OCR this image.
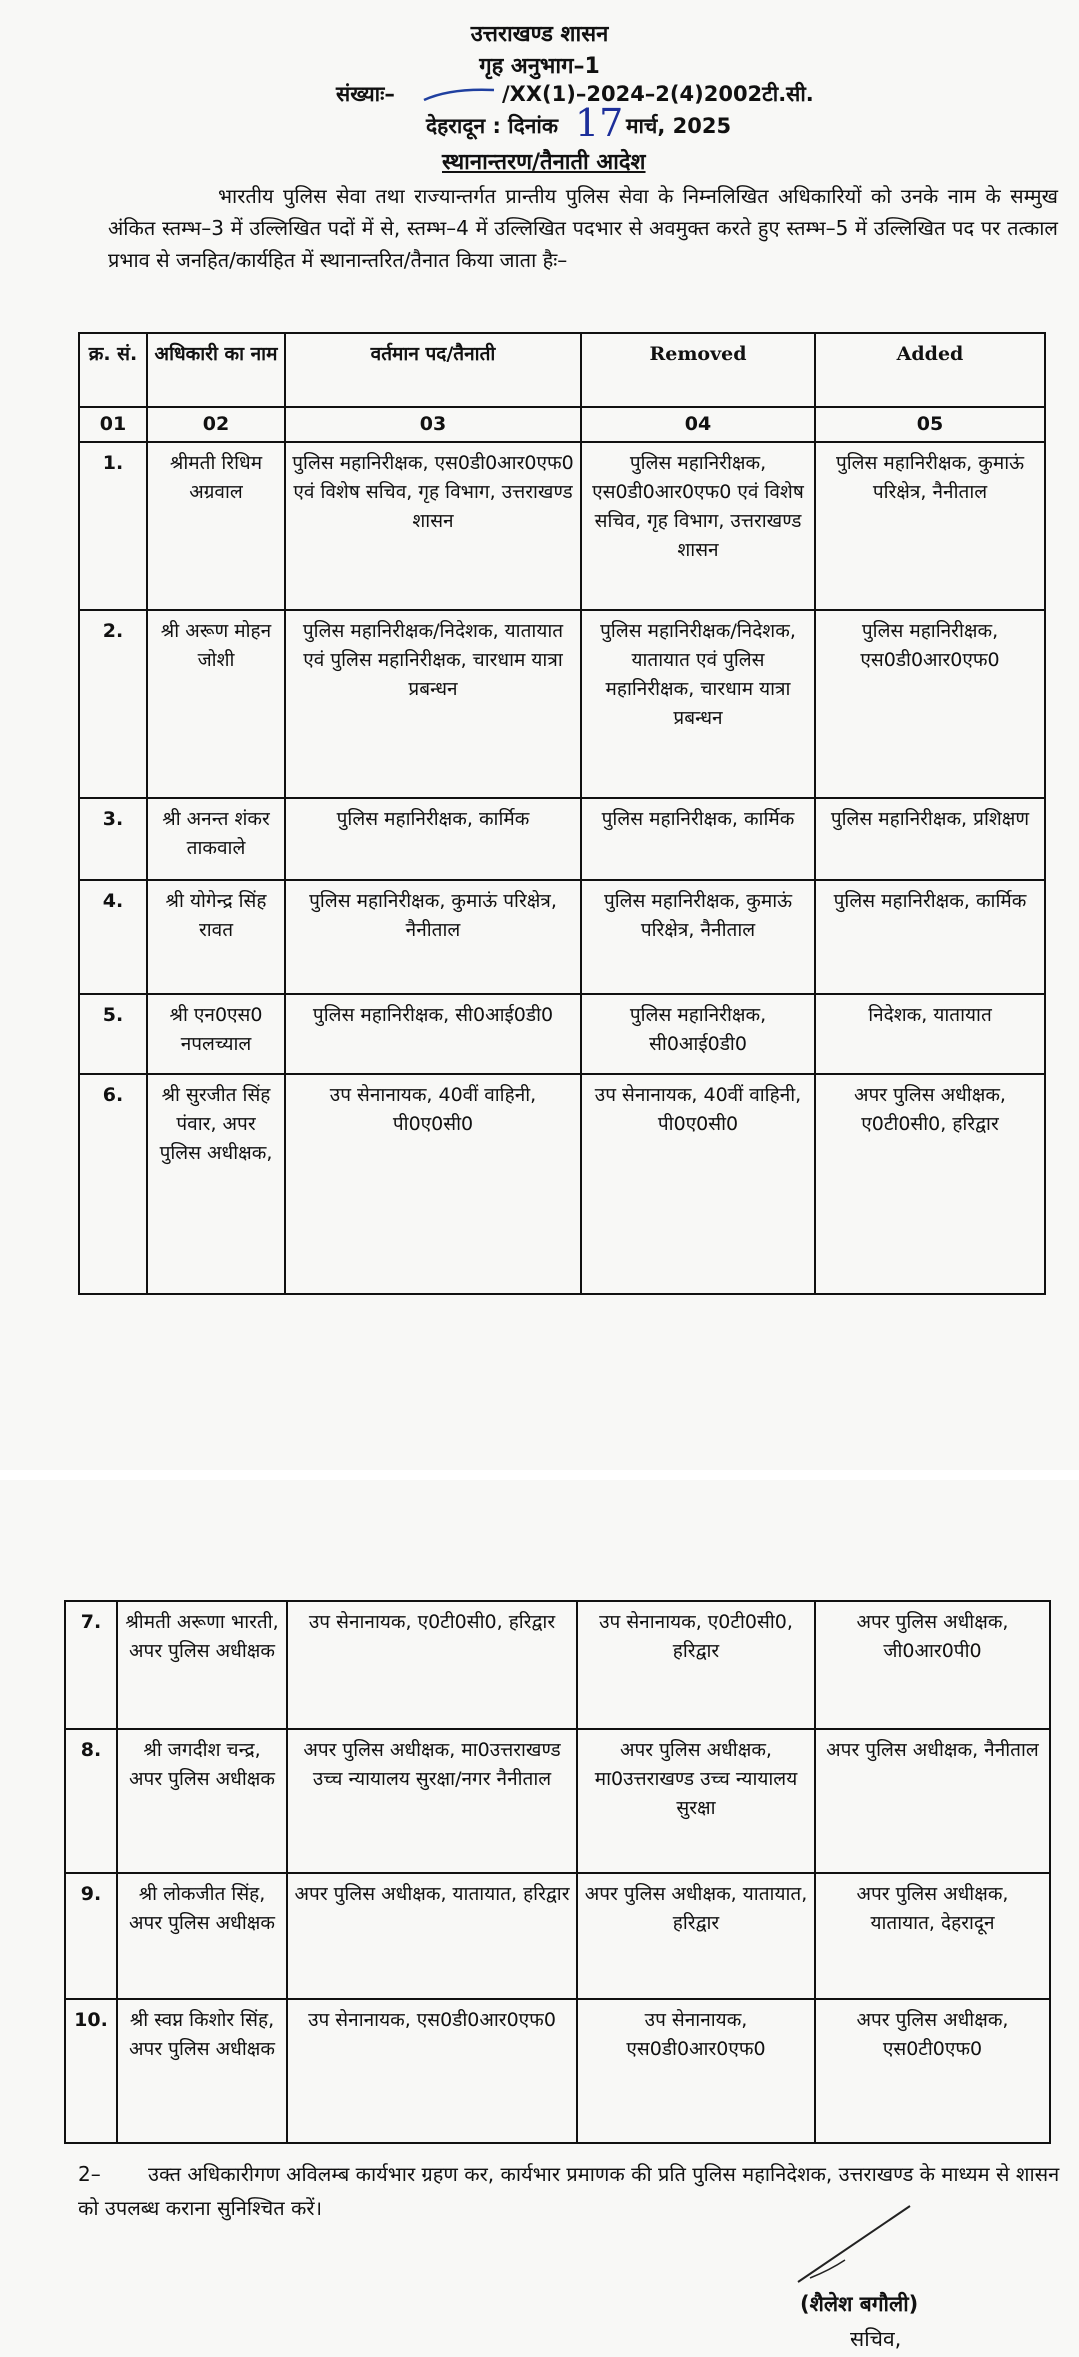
उत्तराखण्ड शासन
गृह अनुभाग–1
संख्याः–	/XX(1)–2024–2(4)2002टी.सी.
देहरादून : दिनांक 17 मार्च, 2025
स्थानान्तरण/तैनाती आदेश
भारतीय पुलिस सेवा तथा राज्यान्तर्गत प्रान्तीय पुलिस सेवा के निम्नलिखित अधिकारियों को उनके नाम के सम्मुख अंकित स्तम्भ–3 में उल्लिखित पदों में से, स्तम्भ–4 में उल्लिखित पदभार से अवमुक्त करते हुए स्तम्भ–5 में उल्लिखित पद पर तत्काल प्रभाव से जनहित/कार्यहित में स्थानान्तरित/तैनात किया जाता हैः–
क्र. सं.	अधिकारी का नाम	वर्तमान पद/तैनाती	Removed	Added
01	02	03	04	05
1.	श्रीमती रिधिम अग्रवाल	पुलिस महानिरीक्षक, एस0डी0आर0एफ0 एवं विशेष सचिव, गृह विभाग, उत्तराखण्ड शासन	पुलिस महानिरीक्षक, एस0डी0आर0एफ0 एवं विशेष सचिव, गृह विभाग, उत्तराखण्ड शासन	पुलिस महानिरीक्षक, कुमाऊं परिक्षेत्र, नैनीताल
2.	श्री अरूण मोहन जोशी	पुलिस महानिरीक्षक/निदेशक, यातायात एवं पुलिस महानिरीक्षक, चारधाम यात्रा प्रबन्धन	पुलिस महानिरीक्षक/निदेशक, यातायात एवं पुलिस महानिरीक्षक, चारधाम यात्रा प्रबन्धन	पुलिस महानिरीक्षक, एस0डी0आर0एफ0
3.	श्री अनन्त शंकर ताकवाले	पुलिस महानिरीक्षक, कार्मिक	पुलिस महानिरीक्षक, कार्मिक	पुलिस महानिरीक्षक, प्रशिक्षण
4.	श्री योगेन्द्र सिंह रावत	पुलिस महानिरीक्षक, कुमाऊं परिक्षेत्र, नैनीताल	पुलिस महानिरीक्षक, कुमाऊं परिक्षेत्र, नैनीताल	पुलिस महानिरीक्षक, कार्मिक
5.	श्री एन0एस0 नपलच्याल	पुलिस महानिरीक्षक, सी0आई0डी0	पुलिस महानिरीक्षक, सी0आई0डी0	निदेशक, यातायात
6.	श्री सुरजीत सिंह पंवार, अपर पुलिस अधीक्षक,	उप सेनानायक, 40वीं वाहिनी, पी0ए0सी0	उप सेनानायक, 40वीं वाहिनी, पी0ए0सी0	अपर पुलिस अधीक्षक, ए0टी0सी0, हरिद्वार
7.	श्रीमती अरूणा भारती, अपर पुलिस अधीक्षक	उप सेनानायक, ए0टी0सी0, हरिद्वार	उप सेनानायक, ए0टी0सी0, हरिद्वार	अपर पुलिस अधीक्षक, जी0आर0पी0
8.	श्री जगदीश चन्द्र, अपर पुलिस अधीक्षक	अपर पुलिस अधीक्षक, मा0उत्तराखण्ड उच्च न्यायालय सुरक्षा/नगर नैनीताल	अपर पुलिस अधीक्षक, मा0उत्तराखण्ड उच्च न्यायालय सुरक्षा	अपर पुलिस अधीक्षक, नैनीताल
9.	श्री लोकजीत सिंह, अपर पुलिस अधीक्षक	अपर पुलिस अधीक्षक, यातायात, हरिद्वार	अपर पुलिस अधीक्षक, यातायात, हरिद्वार	अपर पुलिस अधीक्षक, यातायात, देहरादून
10.	श्री स्वप्न किशोर सिंह, अपर पुलिस अधीक्षक	उप सेनानायक, एस0डी0आर0एफ0	उप सेनानायक, एस0डी0आर0एफ0	अपर पुलिस अधीक्षक, एस0टी0एफ0
2– उक्त अधिकारीगण अविलम्ब कार्यभार ग्रहण कर, कार्यभार प्रमाणक की प्रति पुलिस महानिदेशक, उत्तराखण्ड के माध्यम से शासन को उपलब्ध कराना सुनिश्चित करें।
(शैलेश बगौली)
सचिव,
